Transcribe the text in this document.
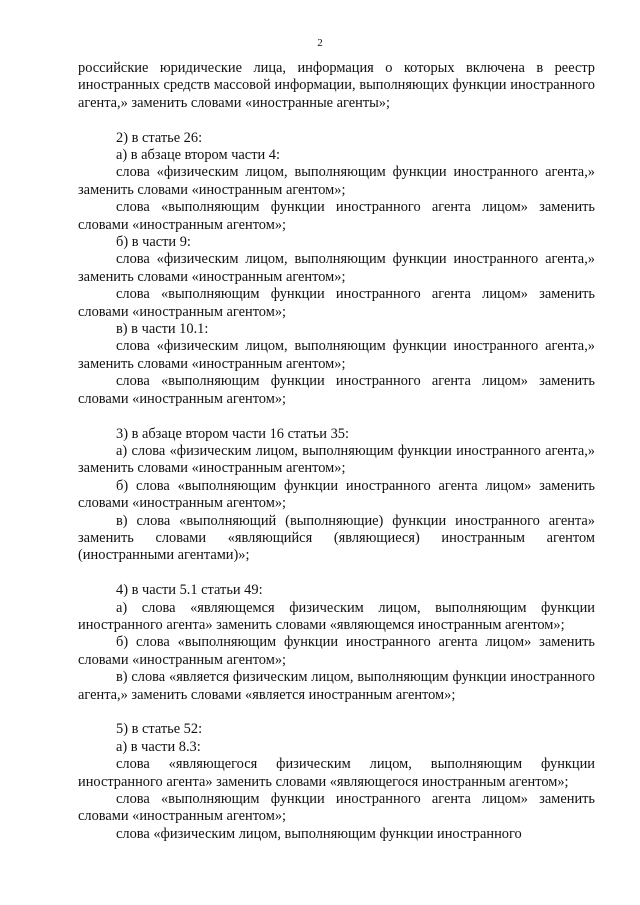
2

российские юридические лица, информация о которых включена в реестр иностранных средств массовой информации, выполняющих функции иностранного агента,» заменить словами «иностранные агенты»;

2) в статье 26:

а) в абзаце втором части 4:

слова «физическим лицом, выполняющим функции иностранного агента,» заменить словами «иностранным агентом»;

слова «выполняющим функции иностранного агента лицом» заменить словами «иностранным агентом»;

б) в части 9:

слова «физическим лицом, выполняющим функции иностранного агента,» заменить словами «иностранным агентом»;

слова «выполняющим функции иностранного агента лицом» заменить словами «иностранным агентом»;

в) в части 10.1:

слова «физическим лицом, выполняющим функции иностранного агента,» заменить словами «иностранным агентом»;

слова «выполняющим функции иностранного агента лицом» заменить словами «иностранным агентом»;

3) в абзаце втором части 16 статьи 35:

а) слова «физическим лицом, выполняющим функции иностранного агента,» заменить словами «иностранным агентом»;

б) слова «выполняющим функции иностранного агента лицом» заменить словами «иностранным агентом»;

в) слова «выполняющий (выполняющие) функции иностранного агента» заменить словами «являющийся (являющиеся) иностранным агентом (иностранными агентами)»;

4) в части 5.1 статьи 49:

а) слова «являющемся физическим лицом, выполняющим функции иностранного агента» заменить словами «являющемся иностранным агентом»;

б) слова «выполняющим функции иностранного агента лицом» заменить словами «иностранным агентом»;

в) слова «является физическим лицом, выполняющим функции иностранного агента,» заменить словами «является иностранным агентом»;

5) в статье 52:

а) в части 8.3:

слова «являющегося физическим лицом, выполняющим функции иностранного агента» заменить словами «являющегося иностранным агентом»;

слова «выполняющим функции иностранного агента лицом» заменить словами «иностранным агентом»;

слова «физическим лицом, выполняющим функции иностранного
